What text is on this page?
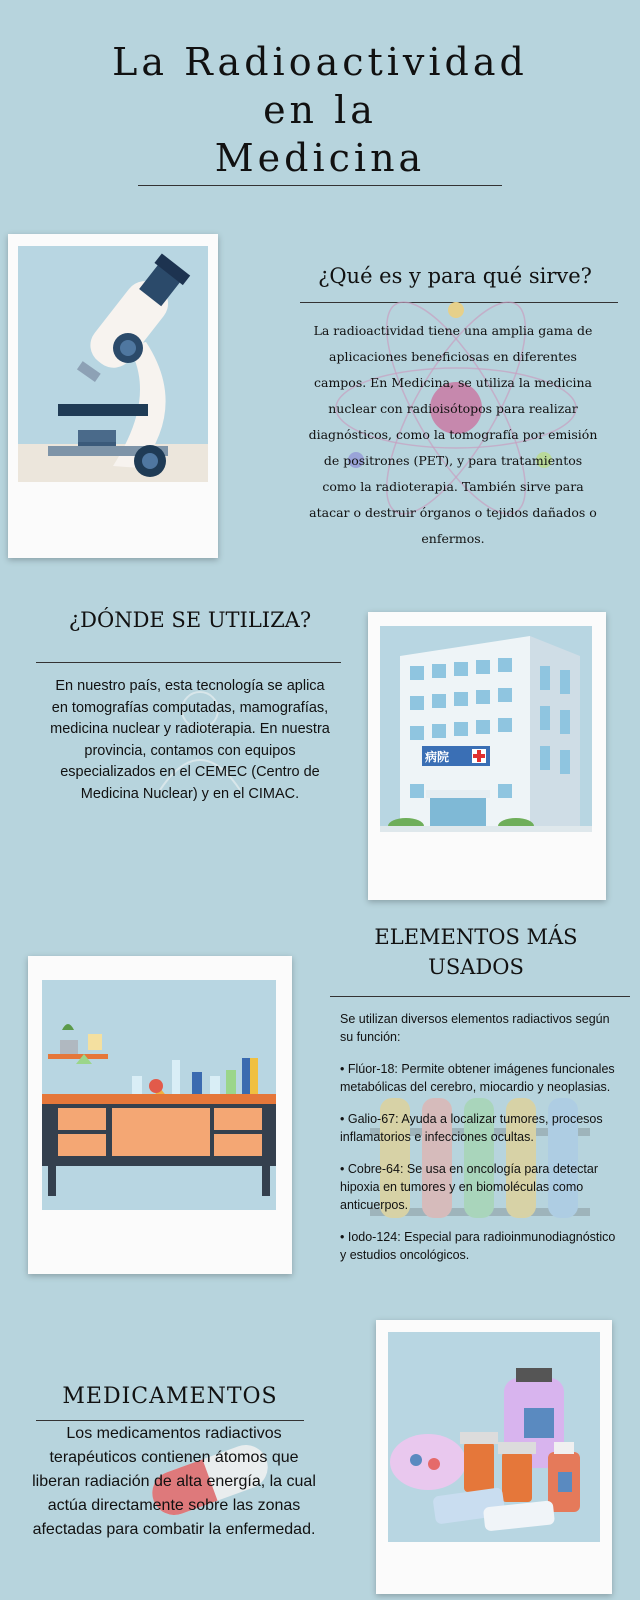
La Radioactividad
en la
Medicina
¿Qué es y para qué sirve?
La radioactividad tiene una amplia gama de aplicaciones beneficiosas en diferentes campos. En Medicina, se utiliza la medicina nuclear con radioisótopos para realizar diagnósticos, como la tomografía por emisión de positrones (PET), y para tratamientos como la radioterapia. También sirve para atacar o destruir órganos o tejidos dañados o enfermos.
¿DÓNDE SE UTILIZA?
En nuestro país, esta tecnología se aplica en tomografías computadas, mamografías, medicina nuclear y radioterapia. En nuestra provincia, contamos con equipos especializados en el CEMEC (Centro de Medicina Nuclear) y en el CIMAC.
病院
ELEMENTOS MÁS
USADOS

Se utilizan diversos elementos radiactivos según su función:

• Flúor-18: Permite obtener imágenes funcionales metabólicas del cerebro, miocardio y neoplasias.

• Galio-67: Ayuda a localizar tumores, procesos inflamatorios e infecciones ocultas.

• Cobre-64: Se usa en oncología para detectar hipoxia en tumores y en biomoléculas como anticuerpos.

• Iodo-124: Especial para radioinmunodiagnóstico y estudios oncológicos.

MEDICAMENTOS
Los medicamentos radiactivos terapéuticos contienen átomos que liberan radiación de alta energía, la cual actúa directamente sobre las zonas afectadas para combatir la enfermedad.
